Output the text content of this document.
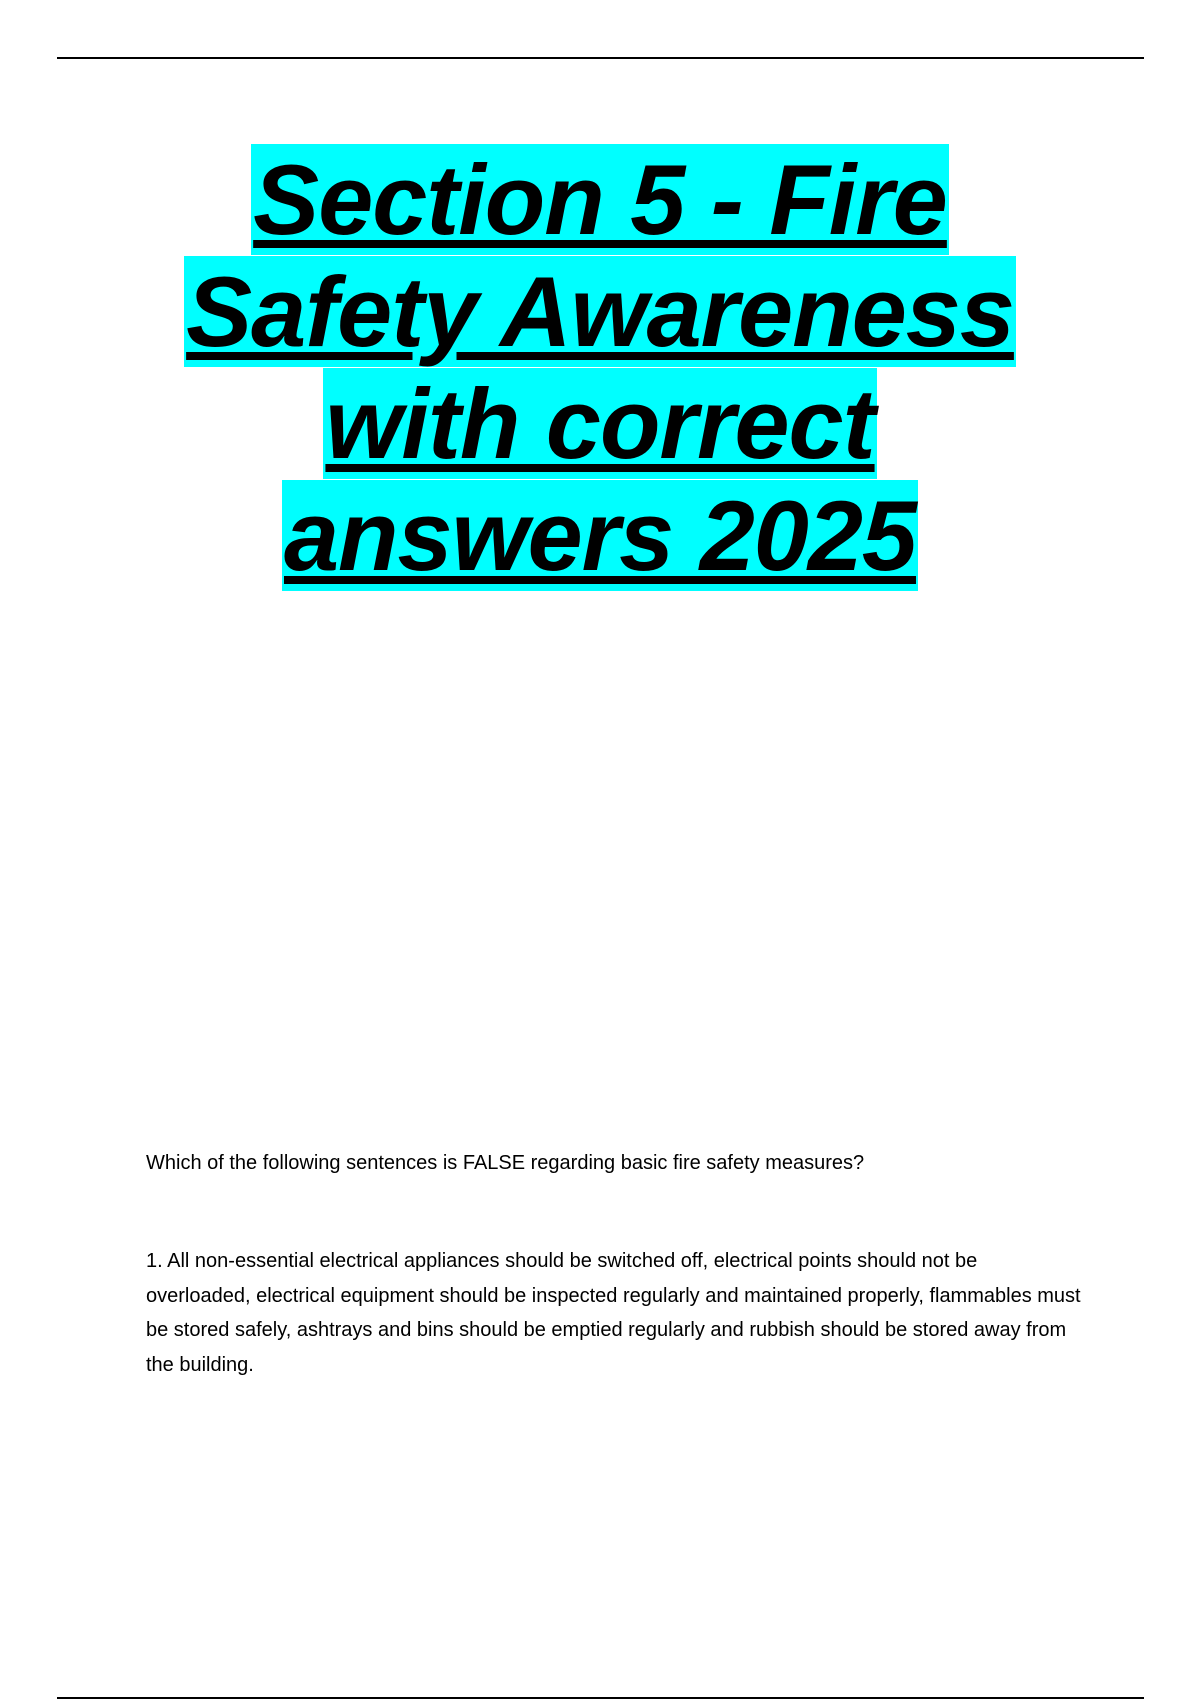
Section 5 - Fire
Safety Awareness
with correct
answers 2025

Which of the following sentences is FALSE regarding basic fire safety measures?

1. All non-essential electrical appliances should be switched off, electrical points should not be overloaded, electrical equipment should be inspected regularly and maintained properly, flammables must be stored safely, ashtrays and bins should be emptied regularly and rubbish should be stored away from the building.
